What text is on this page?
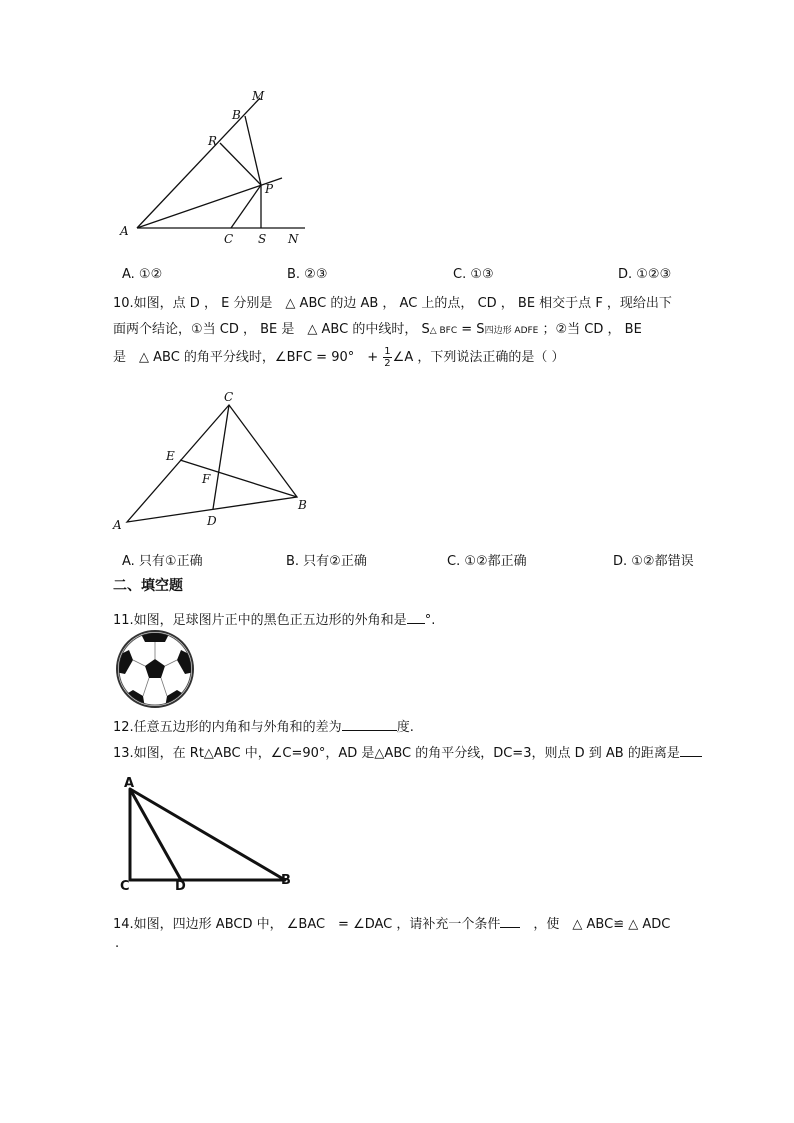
M
B
R
P
A
C S N
A. ①②	B. ②③	C. ①③	D. ①②③
10.如图，点 D ， E 分别是　△ ABC 的边 AB ， AC 上的点， CD ， BE 相交于点 F ，现给出下
面两个结论，①当 CD ， BE 是　△ ABC 的中线时， S△ BFC = S四边形 ADFE ；②当 CD ， BE
是　△ ABC 的角平分线时，∠BFC = 90°　+ $\frac{1}{2}$ ∠A ，下列说法正确的是（ ）
C
E
F
A	D
B
A. 只有①正确	B. 只有②正确	C. ①②都正确	D. ①②都错误
二、填空题
11.如图，足球图片正中的黑色正五边形的外角和是 °.
12.任意五边形的内角和与外角和的差为	度.
13.如图，在 Rt△ABC 中，∠C=90°，AD 是△ABC 的角平分线，DC=3，则点 D 到 AB 的距离是
A
C	D	B
14.如图，四边形 ABCD 中， ∠BAC　= ∠DAC ，请补充一个条件　，使　△ ABC≌ △ ADC
.
